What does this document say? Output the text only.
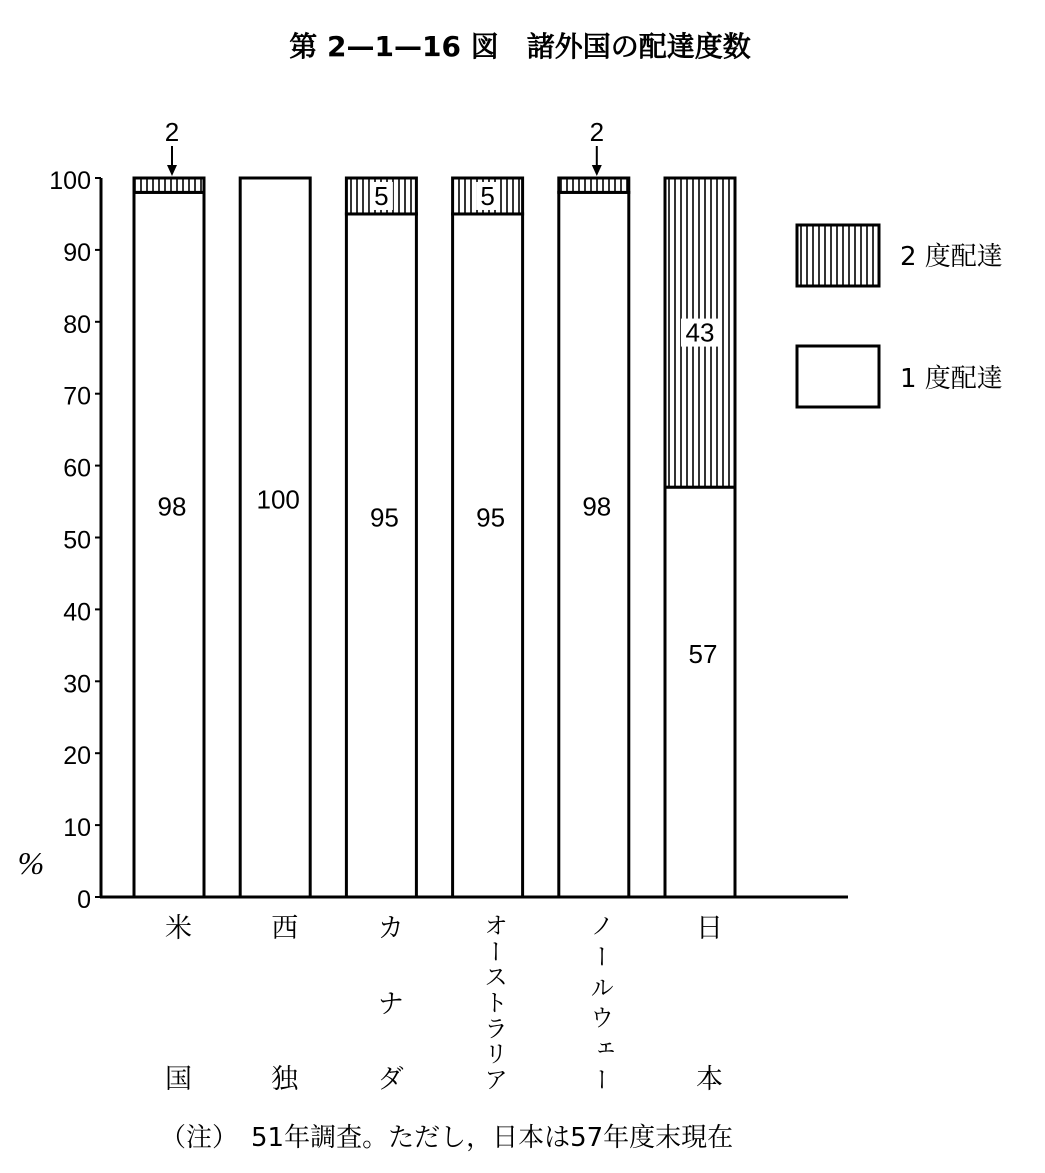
第 2—1—16 図　諸外国の配達度数
%
98
2
100
95
5
95
5
98
2
57
43
0
10
20
30
40
50
60
70
80
90
100
2 度配達
1 度配達
（注）　51年調査。ただし，日本は57年度末現在
米
国
西
独
カ
ナ
ダ
オ
ー
ス
ト
ラ
リ
ア
ノ
ー
ル
ウ
ェ
ー
日
本
